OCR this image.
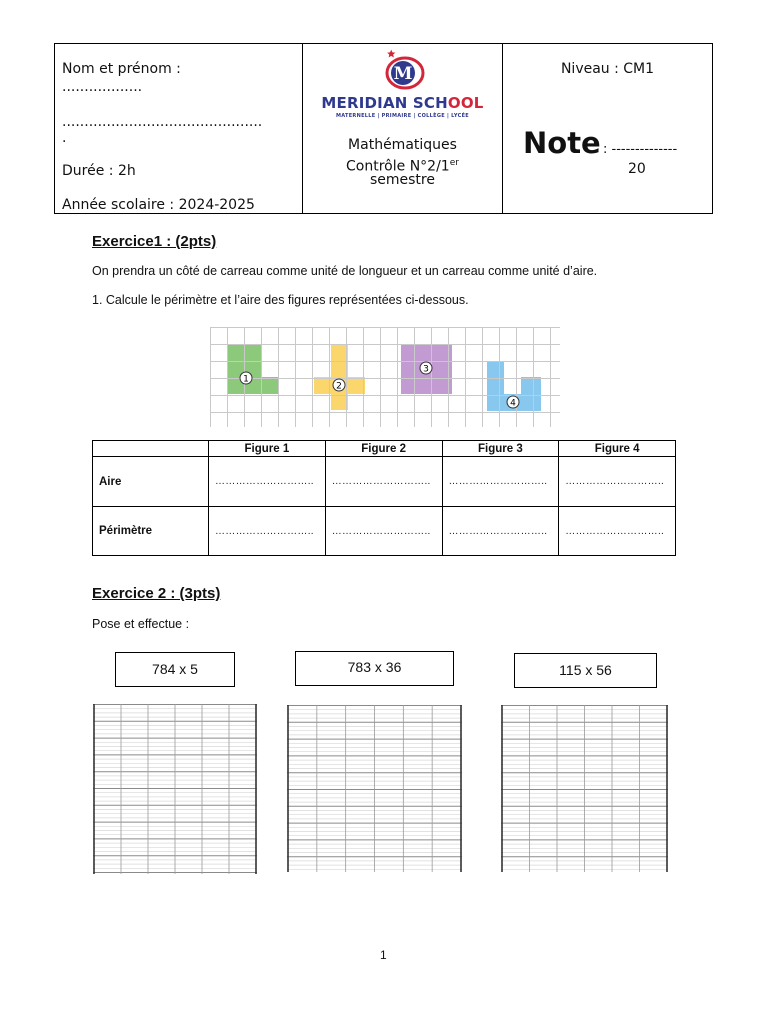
Nom et prénom :
..................
.............................................
.
Durée : 2h
Année scolaire : 2024-2025
M
MERIDIAN SCHOOL
MATERNELLE | PRIMAIRE | COLLÈGE | LYCÉE
Mathématiques
Contrôle N°2/1er
semestre
Niveau : CM1
Note : --------------
20
Exercice1 : (2pts)
On prendra un côté de carreau comme unité de longueur et un carreau comme unité d’aire.
1. Calcule le périmètre et l’aire des figures représentées ci-dessous.
1
2
3
4
	Figure 1	Figure 2	Figure 3	Figure 4
Aire	………………………..	………………………..	………………………..	………………………..
Périmètre	………………………..	………………………..	………………………..	………………………..
Exercice 2 : (3pts)
Pose et effectue :
784 x 5	783 x 36	115 x 56
1
